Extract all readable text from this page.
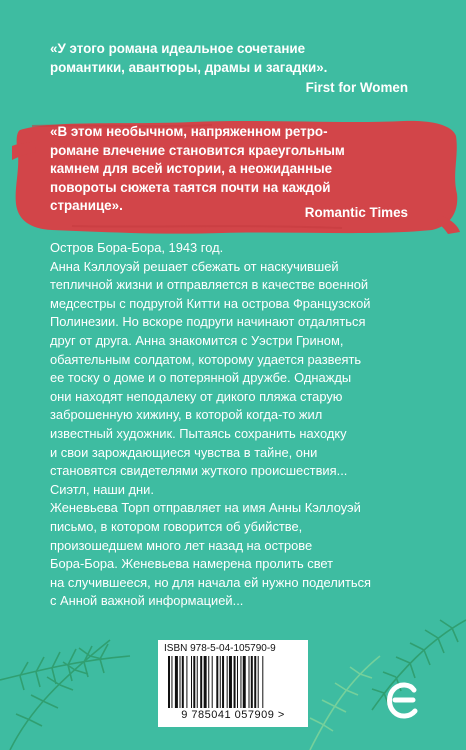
«У этого романа идеальное сочетание
романтики, авантюры, драмы и загадки».
First for Women
«В этом необычном, напряженном ретро-
романе влечение становится краеугольным
камнем для всей истории, а неожиданные
повороты сюжета таятся почти на каждой
странице».	Romantic Times
Остров Бора-Бора, 1943 год.
Анна Кэллоуэй решает сбежать от наскучившей
тепличной жизни и отправляется в качестве военной
медсестры с подругой Китти на острова Французской
Полинезии. Но вскоре подруги начинают отдаляться
друг от друга. Анна знакомится с Уэстри Грином,
обаятельным солдатом, которому удается развеять
ее тоску о доме и о потерянной дружбе. Однажды
они находят неподалеку от дикого пляжа старую
заброшенную хижину, в которой когда-то жил
известный художник. Пытаясь сохранить находку
и свои зарождающиеся чувства в тайне, они
становятся свидетелями жуткого происшествия...
Сиэтл, наши дни.
Женевьева Торп отправляет на имя Анны Кэллоуэй
письмо, в котором говорится об убийстве,
произошедшем много лет назад на острове
Бора-Бора. Женевьева намерена пролить свет
на случившееся, но для начала ей нужно поделиться
с Анной важной информацией...
ISBN 978-5-04-105790-9
9 785041 057909 >
